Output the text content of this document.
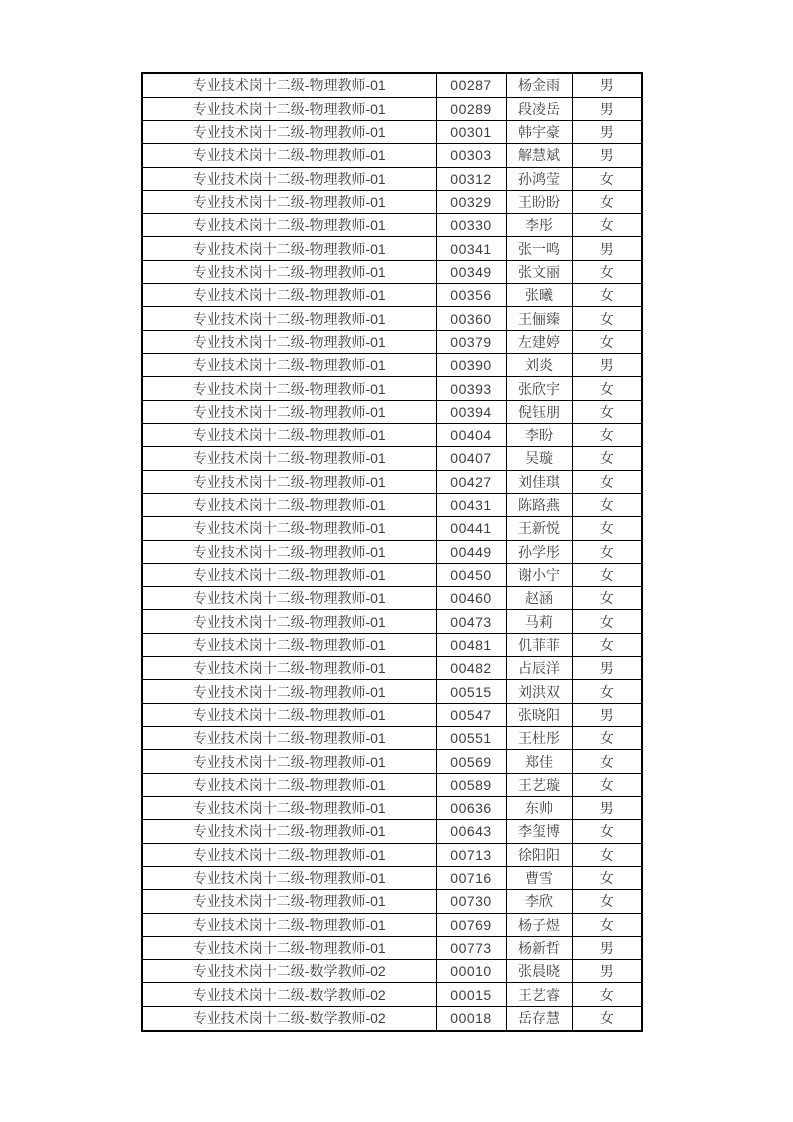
专业技术岗十二级-物理教师-01	00287	杨金雨	男
专业技术岗十二级-物理教师-01	00289	段凌岳	男
专业技术岗十二级-物理教师-01	00301	韩宇豪	男
专业技术岗十二级-物理教师-01	00303	解慧斌	男
专业技术岗十二级-物理教师-01	00312	孙鸿莹	女
专业技术岗十二级-物理教师-01	00329	王盼盼	女
专业技术岗十二级-物理教师-01	00330	李彤	女
专业技术岗十二级-物理教师-01	00341	张一鸣	男
专业技术岗十二级-物理教师-01	00349	张文丽	女
专业技术岗十二级-物理教师-01	00356	张曦	女
专业技术岗十二级-物理教师-01	00360	王俪臻	女
专业技术岗十二级-物理教师-01	00379	左建婷	女
专业技术岗十二级-物理教师-01	00390	刘炎	男
专业技术岗十二级-物理教师-01	00393	张欣宇	女
专业技术岗十二级-物理教师-01	00394	倪钰朋	女
专业技术岗十二级-物理教师-01	00404	李盼	女
专业技术岗十二级-物理教师-01	00407	吴璇	女
专业技术岗十二级-物理教师-01	00427	刘佳琪	女
专业技术岗十二级-物理教师-01	00431	陈路燕	女
专业技术岗十二级-物理教师-01	00441	王新悦	女
专业技术岗十二级-物理教师-01	00449	孙学彤	女
专业技术岗十二级-物理教师-01	00450	谢小宁	女
专业技术岗十二级-物理教师-01	00460	赵涵	女
专业技术岗十二级-物理教师-01	00473	马莉	女
专业技术岗十二级-物理教师-01	00481	仉菲菲	女
专业技术岗十二级-物理教师-01	00482	占辰洋	男
专业技术岗十二级-物理教师-01	00515	刘洪双	女
专业技术岗十二级-物理教师-01	00547	张晓阳	男
专业技术岗十二级-物理教师-01	00551	王杜彤	女
专业技术岗十二级-物理教师-01	00569	郑佳	女
专业技术岗十二级-物理教师-01	00589	王艺璇	女
专业技术岗十二级-物理教师-01	00636	东帅	男
专业技术岗十二级-物理教师-01	00643	李玺博	女
专业技术岗十二级-物理教师-01	00713	徐阳阳	女
专业技术岗十二级-物理教师-01	00716	曹雪	女
专业技术岗十二级-物理教师-01	00730	李欣	女
专业技术岗十二级-物理教师-01	00769	杨子煜	女
专业技术岗十二级-物理教师-01	00773	杨新哲	男
专业技术岗十二级-数学教师-02	00010	张晨晓	男
专业技术岗十二级-数学教师-02	00015	王艺睿	女
专业技术岗十二级-数学教师-02	00018	岳存慧	女
